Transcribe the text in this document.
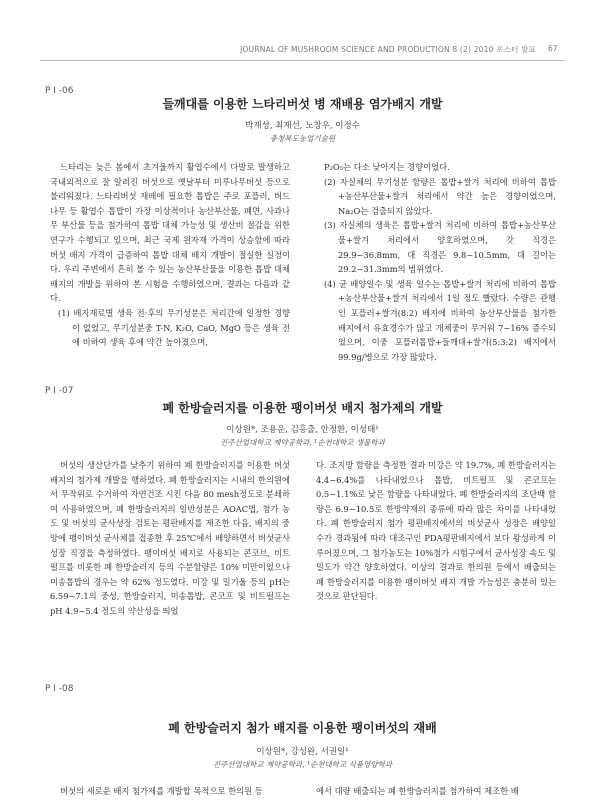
JOURNAL OF MUSHROOM SCIENCE AND PRODUCTION 8 (2) 2010 포스터 발표 67
P I -06
들깨대를 이용한 느타리버섯 병 재배용 염가배지 개발
박재성, 최재선, 노창우, 이정수
충청북도농업기술원

느타리는 늦은 봄에서 초겨울까지 활엽수에서 다발로 발생하고 국내외적으로 잘 알려진 버섯으로 옛날부터 미루나무버섯 등으로 불리워졌다. 느타리버섯 재배에 필요한 톱밥은 주로 포플러, 버드나무 등 활엽수 톱밥이 가장 이상적이나 농산부산물, 폐면, 사과나무 부산물 등을 첨가하여 톱밥 대체 가능성 및 생산비 절감을 위한 연구가 수행되고 있으며, 최근 국제 원자재 가격이 상승함에 따라 버섯 배지 가격이 급증하여 톱밥 대체 배지 개발이 절실한 실정이다. 우리 주변에서 흔히 볼 수 있는 농산부산물을 이용한 톱밥 대체 배지의 개발을 위하여 본 시험을 수행하였으며, 결과는 다음과 같다.

(1) 배지재료별 생육 전·후의 무기성분은 처리간에 일정한 경향이 없었고, 무기성분중 T-N, K₂O, CaO, MgO 등은 생육 전에 비하여 생육 후에 약간 높아졌으며,

P₂O₅는 다소 낮아지는 경향이었다.

(2) 자실체의 무기성분 함량은 톱밥+쌀겨 처리에 비하여 톱밥+농산부산물+쌀겨 처리에서 약간 높은 경향이었으며, Na₂O는 검출되지 않았다.

(3) 자실체의 생육은 톱밥+쌀겨 처리에 비하여 톱밥+농산부산물+쌀겨 처리에서 양호하였으며, 갓 직경은 29.9~36.8mm, 대 직경은 9.8~10.5mm, 대 길이는 29.2~31.3mm의 범위였다.

(4) 균 배양일수 및 생육 일수는 톱밥+쌀겨 처리에 비하여 톱밥+농산부산물+쌀겨 처리에서 1일 정도 빨랐다. 수량은 관행인 포플러+쌀겨(8:2) 배지에 비하여 농산부산물을 첨가한 배지에서 유효경수가 많고 개체중이 무거워 7~16% 증수되었으며, 이중 포플러톱밥+들깨대+쌀겨(5:3:2) 배지에서 99.9g/병으로 가장 많았다.

P I -07
폐 한방슬러지를 이용한 팽이버섯 배지 첨가제의 개발
이상원*, 조용운, 김홍출, 안정환, 이성태¹
진주산업대학교 제약공학과, ¹순천대학교 생물학과

버섯의 생산단가를 낮추기 위하여 폐 한방슬러지를 이용한 버섯배지의 첨가제 개발을 행하였다. 폐 한방슬러지는 시내의 한의원에서 무작위로 수거하여 자연건조 시킨 다음 80 mesh정도로 분쇄하여 사용하였으며, 폐 한방슬러지의 일반성분은 AOAC법, 첨가 농도 및 버섯의 균사성장 검토는 평판배지를 제조한 다음, 배지의 중앙에 팽이버섯 균사체를 접종한 후 25℃에서 배양하면서 버섯균사 성장 직경을 측정하였다. 팽이버섯 배지로 사용되는 콘코브, 비트펄프를 비롯한 폐 한방슬러지 등의 수분함량은 10% 미만이었으나 미송톱밥의 경우는 약 62% 정도였다. 미강 및 밀기울 등의 pH는 6.59~7.1의 중성, 한방슬러지, 미송톱밥, 콘코프 및 비트펄프는 pH 4.9~5.4 정도의 약산성을 띄었

다. 조지방 함량을 측정한 결과 미강은 약 19.7%, 폐 한방슬러지는 4.4~6.4%를 나타내었으나 톱밥, 비트펄프 및 콘코프는 0.5~1.1%로 낮은 함량을 나타내었다. 폐 한방슬러지의 조단백 함량은 6.9~10.5로 한방약재의 종류에 따라 많은 차이를 나타내었다. 폐 한방슬러지 첨가 평판배지에서의 버섯균사 성장은 배양일 수가 경과됨에 따라 대조구인 PDA평판배지에서 보다 왕성하게 이루어졌으며, 그 첨가농도는 10%첨가 시험구에서 균사성장 속도 및 밀도가 약간 양호하였다. 이상의 결과로 한의원 등에서 배출되는 폐 한방슬러지를 이용한 팽이버섯 배지 개발 가능성은 충분히 있는 것으로 판단된다.

P I -08
폐 한방슬러지 첨가 배지를 이용한 팽이버섯의 재배
이상원*, 강성완, 서권일¹
진주산업대학교 제약공학과, ¹순천대학교 식품영양학과

버섯의 새로운 배지 첨가제를 개발할 목적으로 한의원 등	에서 대량 배출되는 폐 한방슬러지를 첨가하여 제조한 배
